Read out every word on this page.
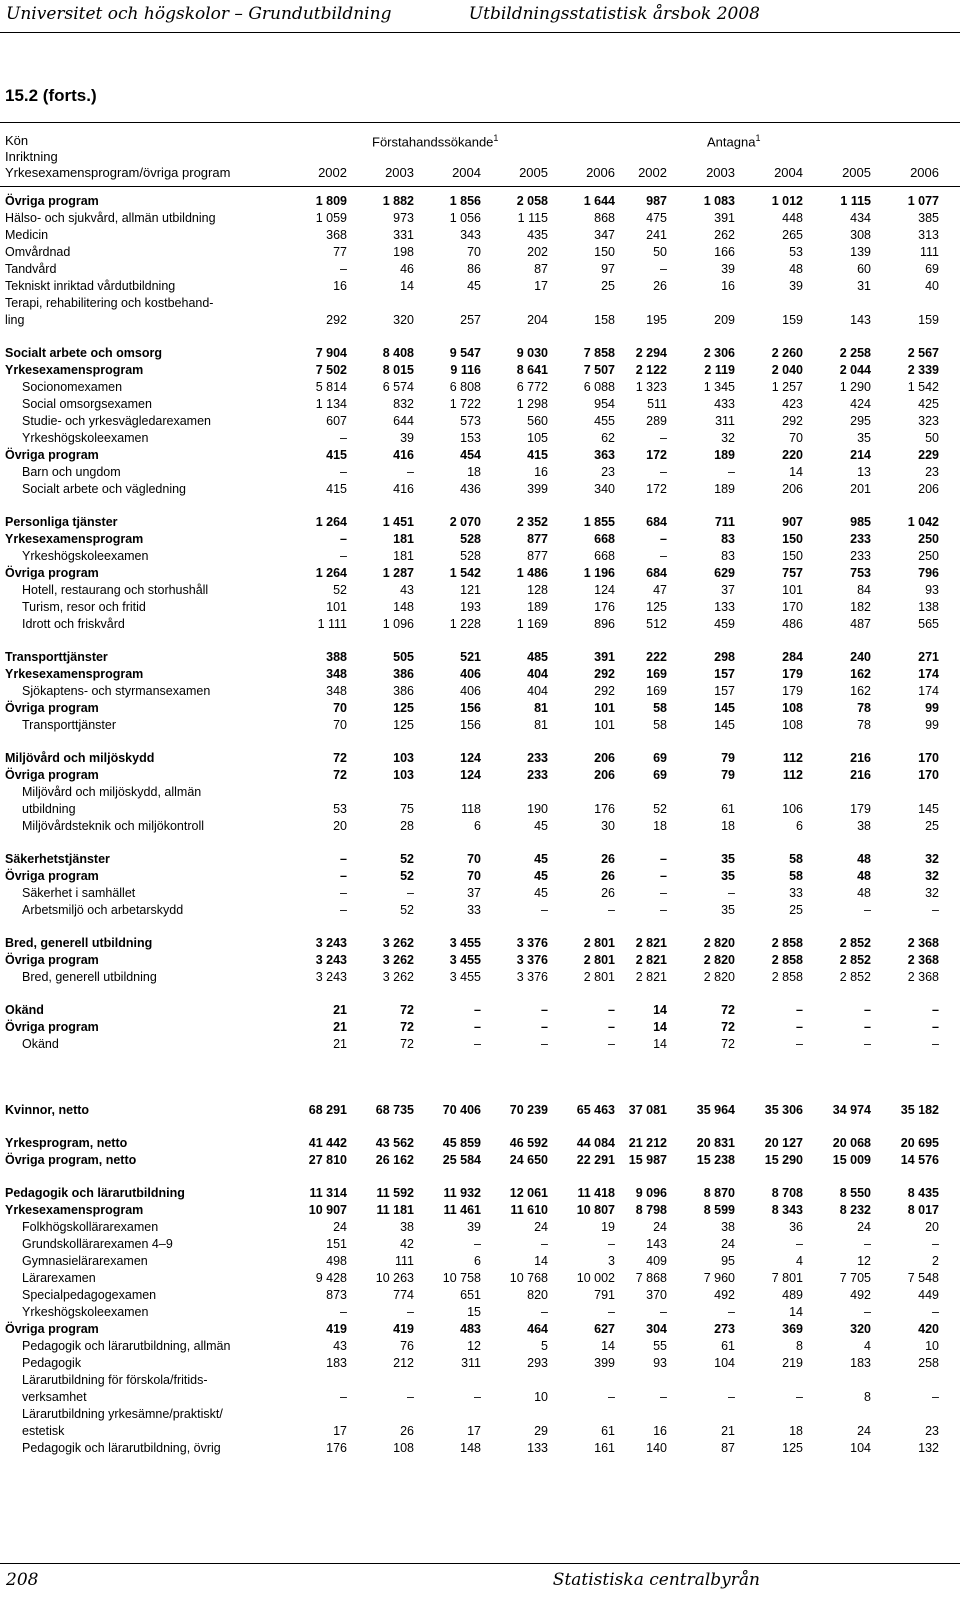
Universitet och högskolor – Grundutbildning	Utbildningsstatistisk årsbok 2008
15.2 (forts.)
Kön
Inriktning
Yrkesexamensprogram/övriga program
Förstahandssökande$^1$	Antagna$^1$
2002	2003	2004	2005	2006	2002	2003	2004	2005	2006
Övriga program	1 809	1 882	1 856	2 058	1 644	987	1 083	1 012	1 115	1 077
Hälso- och sjukvård, allmän utbildning	1 059	973	1 056	1 115	868	475	391	448	434	385
Medicin	368	331	343	435	347	241	262	265	308	313
Omvårdnad	77	198	70	202	150	50	166	53	139	111
Tandvård	–	46	86	87	97	–	39	48	60	69
Tekniskt inriktad vårdutbildning	16	14	45	17	25	26	16	39	31	40
Terapi, rehabilitering och kostbehand-
ling	292	320	257	204	158	195	209	159	143	159
Socialt arbete och omsorg	7 904	8 408	9 547	9 030	7 858	2 294	2 306	2 260	2 258	2 567
Yrkesexamensprogram	7 502	8 015	9 116	8 641	7 507	2 122	2 119	2 040	2 044	2 339
Socionomexamen	5 814	6 574	6 808	6 772	6 088	1 323	1 345	1 257	1 290	1 542
Social omsorgsexamen	1 134	832	1 722	1 298	954	511	433	423	424	425
Studie- och yrkesvägledarexamen	607	644	573	560	455	289	311	292	295	323
Yrkeshögskoleexamen	–	39	153	105	62	–	32	70	35	50
Övriga program	415	416	454	415	363	172	189	220	214	229
Barn och ungdom	–	–	18	16	23	–	–	14	13	23
Socialt arbete och vägledning	415	416	436	399	340	172	189	206	201	206
Personliga tjänster	1 264	1 451	2 070	2 352	1 855	684	711	907	985	1 042
Yrkesexamensprogram	–	181	528	877	668	–	83	150	233	250
Yrkeshögskoleexamen	–	181	528	877	668	–	83	150	233	250
Övriga program	1 264	1 287	1 542	1 486	1 196	684	629	757	753	796
Hotell, restaurang och storhushåll	52	43	121	128	124	47	37	101	84	93
Turism, resor och fritid	101	148	193	189	176	125	133	170	182	138
Idrott och friskvård	1 111	1 096	1 228	1 169	896	512	459	486	487	565
Transporttjänster	388	505	521	485	391	222	298	284	240	271
Yrkesexamensprogram	348	386	406	404	292	169	157	179	162	174
Sjökaptens- och styrmansexamen	348	386	406	404	292	169	157	179	162	174
Övriga program	70	125	156	81	101	58	145	108	78	99
Transporttjänster	70	125	156	81	101	58	145	108	78	99
Miljövård och miljöskydd	72	103	124	233	206	69	79	112	216	170
Övriga program	72	103	124	233	206	69	79	112	216	170
Miljövård och miljöskydd, allmän
utbildning	53	75	118	190	176	52	61	106	179	145
Miljövårdsteknik och miljökontroll	20	28	6	45	30	18	18	6	38	25
Säkerhetstjänster	–	52	70	45	26	–	35	58	48	32
Övriga program	–	52	70	45	26	–	35	58	48	32
Säkerhet i samhället	–	–	37	45	26	–	–	33	48	32
Arbetsmiljö och arbetarskydd	–	52	33	–	–	–	35	25	–	–
Bred, generell utbildning	3 243	3 262	3 455	3 376	2 801	2 821	2 820	2 858	2 852	2 368
Övriga program	3 243	3 262	3 455	3 376	2 801	2 821	2 820	2 858	2 852	2 368
Bred, generell utbildning	3 243	3 262	3 455	3 376	2 801	2 821	2 820	2 858	2 852	2 368
Okänd	21	72	–	–	–	14	72	–	–	–
Övriga program	21	72	–	–	–	14	72	–	–	–
Okänd	21	72	–	–	–	14	72	–	–	–
Kvinnor, netto	68 291	68 735	70 406	70 239	65 463	37 081	35 964	35 306	34 974	35 182
Yrkesprogram, netto	41 442	43 562	45 859	46 592	44 084	21 212	20 831	20 127	20 068	20 695
Övriga program, netto	27 810	26 162	25 584	24 650	22 291	15 987	15 238	15 290	15 009	14 576
Pedagogik och lärarutbildning	11 314	11 592	11 932	12 061	11 418	9 096	8 870	8 708	8 550	8 435
Yrkesexamensprogram	10 907	11 181	11 461	11 610	10 807	8 798	8 599	8 343	8 232	8 017
Folkhögskollärarexamen	24	38	39	24	19	24	38	36	24	20
Grundskollärarexamen 4–9	151	42	–	–	–	143	24	–	–	–
Gymnasielärarexamen	498	111	6	14	3	409	95	4	12	2
Lärarexamen	9 428	10 263	10 758	10 768	10 002	7 868	7 960	7 801	7 705	7 548
Specialpedagogexamen	873	774	651	820	791	370	492	489	492	449
Yrkeshögskoleexamen	–	–	15	–	–	–	–	14	–	–
Övriga program	419	419	483	464	627	304	273	369	320	420
Pedagogik och lärarutbildning, allmän	43	76	12	5	14	55	61	8	4	10
Pedagogik	183	212	311	293	399	93	104	219	183	258
Lärarutbildning för förskola/fritids-
verksamhet	–	–	–	10	–	–	–	–	8	–
Lärarutbildning yrkesämne/praktiskt/
estetisk	17	26	17	29	61	16	21	18	24	23
Pedagogik och lärarutbildning, övrig	176	108	148	133	161	140	87	125	104	132
208	Statistiska centralbyrån
